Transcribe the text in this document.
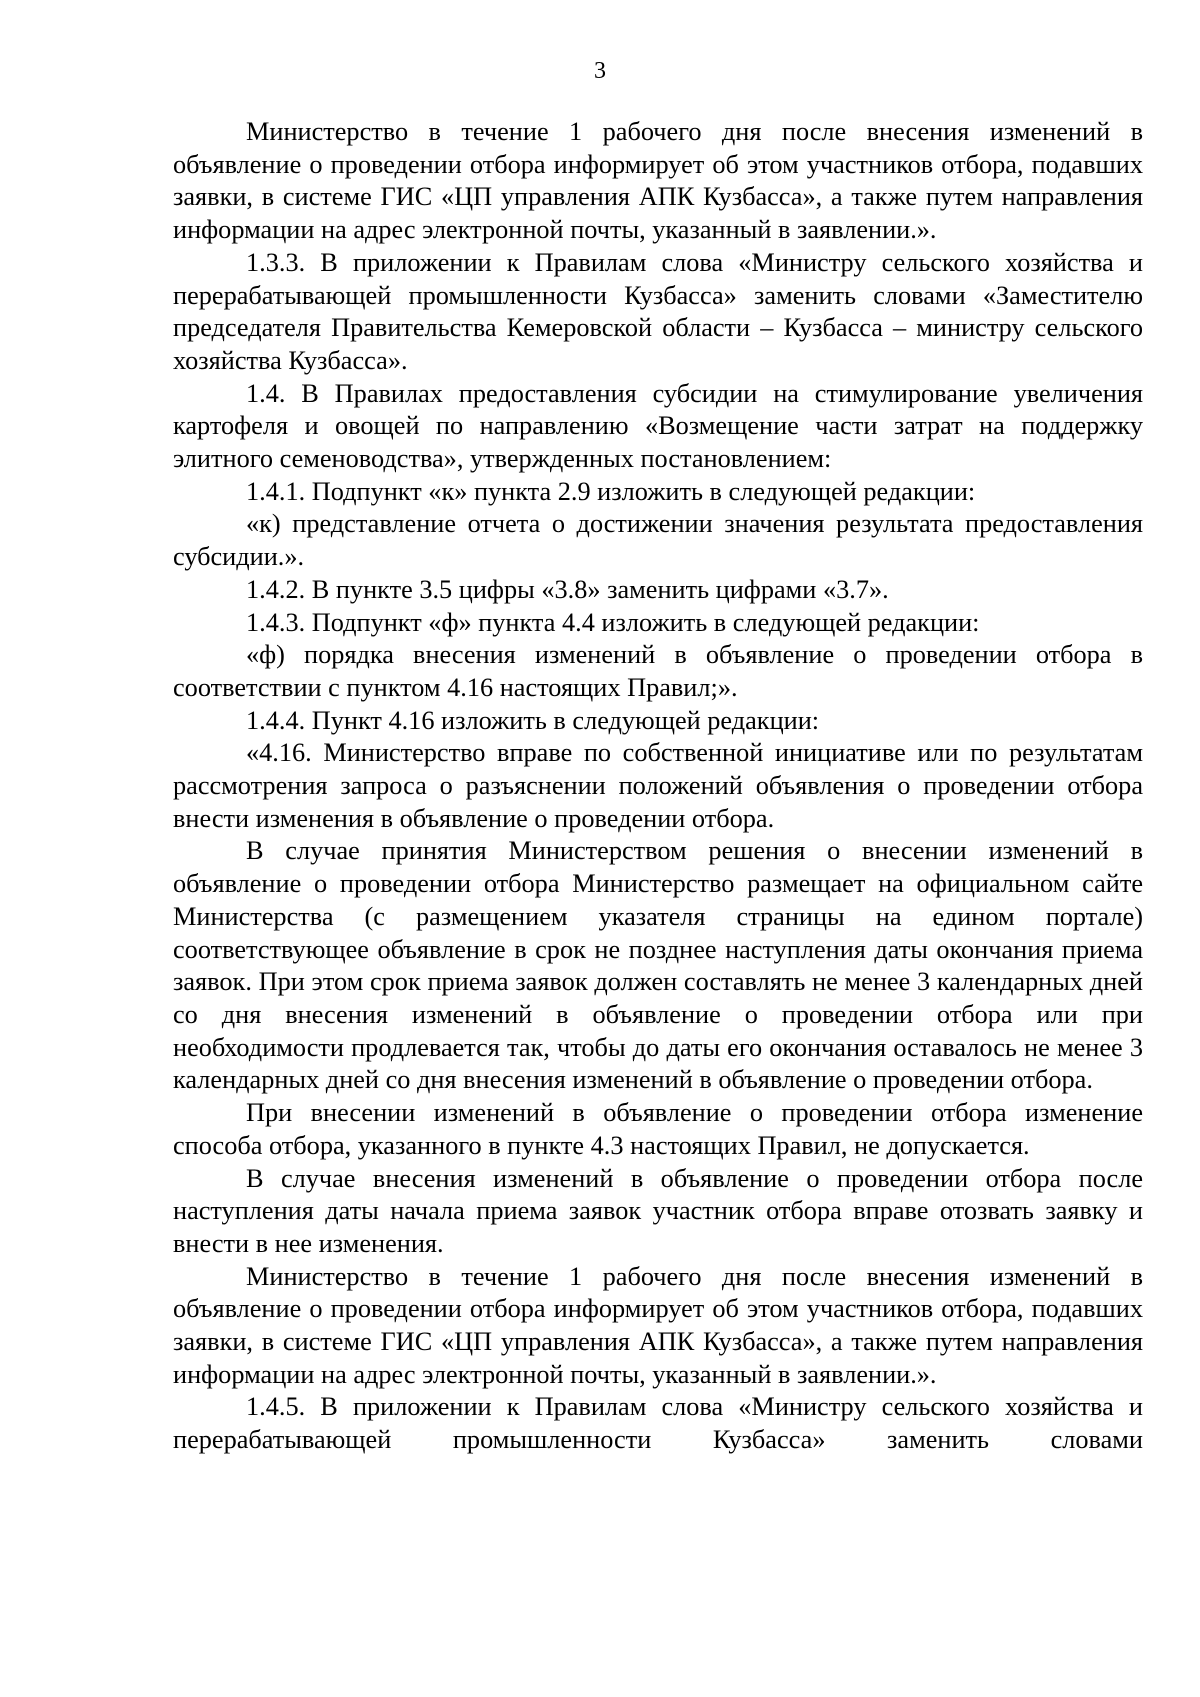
3

Министерство в течение 1 рабочего дня после внесения изменений в объявление о проведении отбора информирует об этом участников отбора, подавших заявки, в системе ГИС «ЦП управления АПК Кузбасса», а также путем направления информации на адрес электронной почты, указанный в заявлении.».

1.3.3. В приложении к Правилам слова «Министру сельского хозяйства и перерабатывающей промышленности Кузбасса» заменить словами «Заместителю председателя Правительства Кемеровской области – Кузбасса – министру сельского хозяйства Кузбасса».

1.4. В Правилах предоставления субсидии на стимулирование увеличения картофеля и овощей по направлению «Возмещение части затрат на поддержку элитного семеноводства», утвержденных постановлением:

1.4.1. Подпункт «к» пункта 2.9 изложить в следующей редакции:

«к) представление отчета о достижении значения результата предоставления субсидии.».

1.4.2. В пункте 3.5 цифры «3.8» заменить цифрами «3.7».

1.4.3. Подпункт «ф» пункта 4.4 изложить в следующей редакции:

«ф) порядка внесения изменений в объявление о проведении отбора в соответствии с пунктом 4.16 настоящих Правил;».

1.4.4. Пункт 4.16 изложить в следующей редакции:

«4.16. Министерство вправе по собственной инициативе или по результатам рассмотрения запроса о разъяснении положений объявления о проведении отбора внести изменения в объявление о проведении отбора.

В случае принятия Министерством решения о внесении изменений в объявление о проведении отбора Министерство размещает на официальном сайте Министерства (с размещением указателя страницы на едином портале) соответствующее объявление в срок не позднее наступления даты окончания приема заявок. При этом срок приема заявок должен составлять не менее 3 календарных дней со дня внесения изменений в объявление о проведении отбора или при необходимости продлевается так, чтобы до даты его окончания оставалось не менее 3 календарных дней со дня внесения изменений в объявление о проведении отбора.

При внесении изменений в объявление о проведении отбора изменение способа отбора, указанного в пункте 4.3 настоящих Правил, не допускается.

В случае внесения изменений в объявление о проведении отбора после наступления даты начала приема заявок участник отбора вправе отозвать заявку и внести в нее изменения.

Министерство в течение 1 рабочего дня после внесения изменений в объявление о проведении отбора информирует об этом участников отбора, подавших заявки, в системе ГИС «ЦП управления АПК Кузбасса», а также путем направления информации на адрес электронной почты, указанный в заявлении.».

1.4.5. В приложении к Правилам слова «Министру сельского хозяйства и перерабатывающей промышленности Кузбасса» заменить словами
